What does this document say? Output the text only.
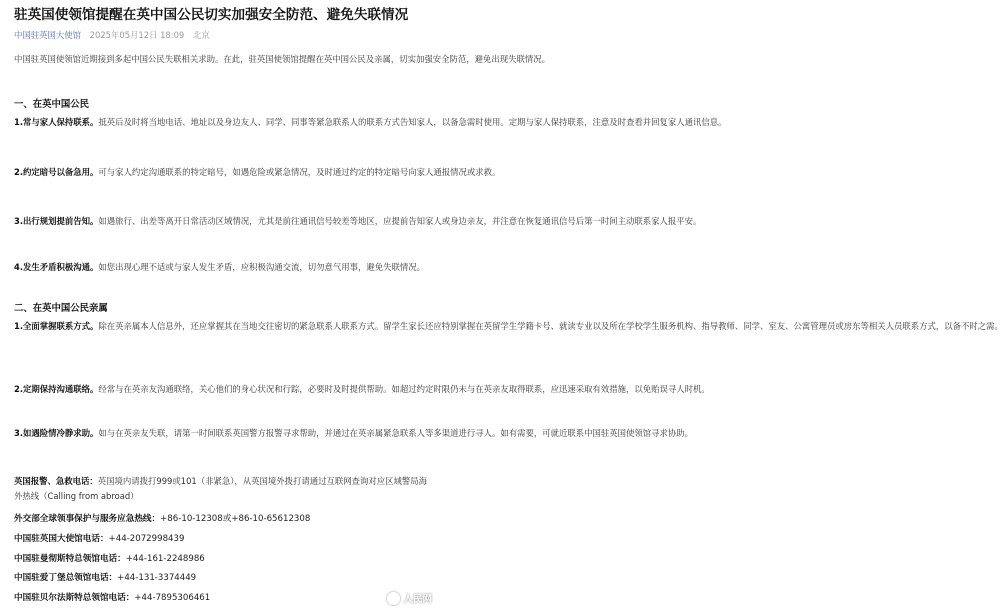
驻英国使领馆提醒在英中国公民切实加强安全防范、避免失联情况
中国驻英国大使馆 2025年05月12日 18:09 北京

中国驻英国使领馆近期接到多起中国公民失联相关求助。在此，驻英国使领馆提醒在英中国公民及亲属，切实加强安全防范，避免出现失联情况。

一、在英中国公民

1.常与家人保持联系。抵英后及时将当地电话、地址以及身边友人、同学、同事等紧急联系人的联系方式告知家人，以备急需时使用。定期与家人保持联系，注意及时查看并回复家人通讯信息。

2.约定暗号以备急用。可与家人约定沟通联系的特定暗号，如遇危险或紧急情况，及时通过约定的特定暗号向家人通报情况或求救。

3.出行规划提前告知。如遇旅行、出差等离开日常活动区域情况，尤其是前往通讯信号较差等地区，应提前告知家人或身边亲友，并注意在恢复通讯信号后第一时间主动联系家人报平安。

4.发生矛盾积极沟通。如您出现心理不适或与家人发生矛盾，应积极沟通交流，切勿意气用事，避免失联情况。

二、在英中国公民亲属

1.全面掌握联系方式。除在英亲属本人信息外，还应掌握其在当地交往密切的紧急联系人联系方式。留学生家长还应特别掌握在英留学生学籍卡号、就读专业以及所在学校学生服务机构、指导教师、同学、室友、公寓管理员或房东等相关人员联系方式，以备不时之需。

2.定期保持沟通联络。经常与在英亲友沟通联络，关心他们的身心状况和行踪，必要时及时提供帮助。如超过约定时限仍未与在英亲友取得联系，应迅速采取有效措施，以免贻误寻人时机。

3.如遇险情冷静求助。如与在英亲友失联，请第一时间联系英国警方报警寻求帮助，并通过在英亲属紧急联系人等多渠道进行寻人。如有需要，可就近联系中国驻英国使领馆寻求协助。

英国报警、急救电话：英国境内请拨打999或101（非紧急），从英国境外拨打请通过互联网查询对应区域警局海外热线（Calling from abroad）

外交部全球领事保护与服务应急热线：+86-10-12308或+86-10-65612308
中国驻英国大使馆电话：+44-2072998439
中国驻曼彻斯特总领馆电话：+44-161-2248986
中国驻爱丁堡总领馆电话：+44-131-3374449
中国驻贝尔法斯特总领馆电话：+44-7895306461	人民网
